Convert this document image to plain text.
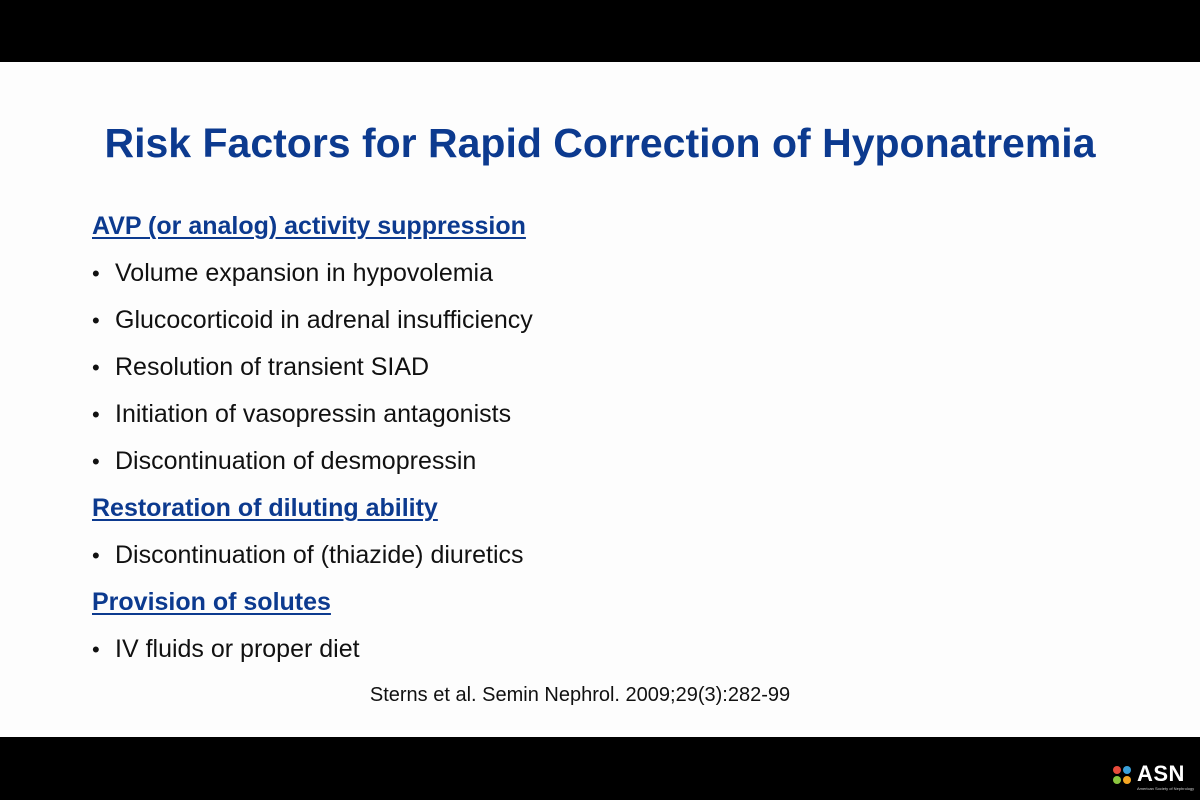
Risk Factors for Rapid Correction of Hyponatremia
AVP (or analog) activity suppression
• Volume expansion in hypovolemia
• Glucocorticoid in adrenal insufficiency
• Resolution of transient SIAD
• Initiation of vasopressin antagonists
• Discontinuation of desmopressin
Restoration of diluting ability
• Discontinuation of (thiazide) diuretics
Provision of solutes
• IV fluids or proper diet
Sterns et al. Semin Nephrol. 2009;29(3):282-99
ASN
American Society of Nephrology
